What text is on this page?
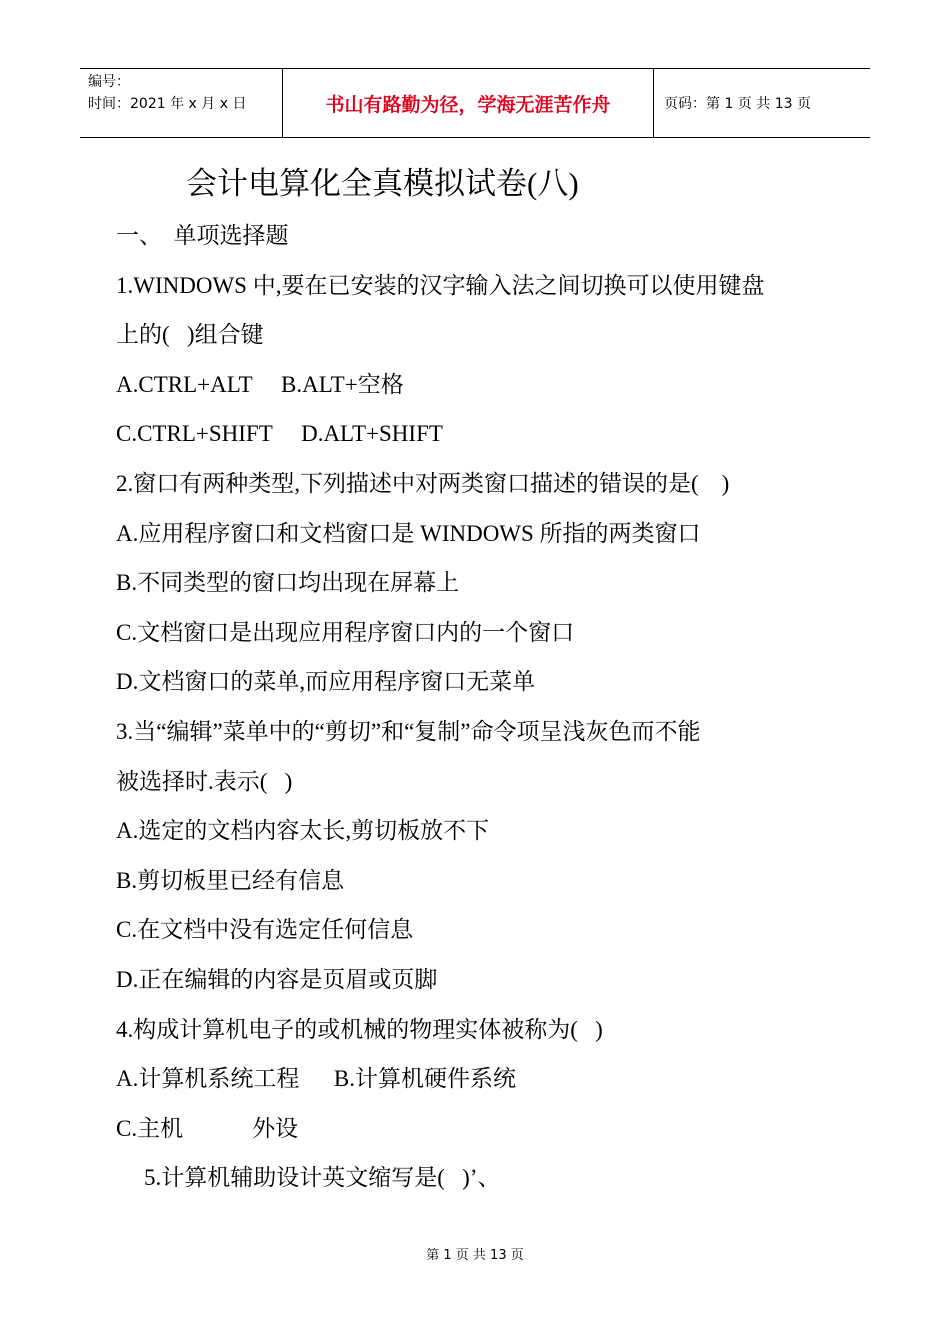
编号：
时间：2021 年 x 月 x 日	书山有路勤为径，学海无涯苦作舟	页码：第 1 页 共 13 页
会计电算化全真模拟试卷(八)
一、  单项选择题
1.WINDOWS 中,要在已安装的汉字输入法之间切换可以使用键盘
上的(   )组合键
A.CTRL+ALT     B.ALT+空格
C.CTRL+SHIFT     D.ALT+SHIFT
2.窗口有两种类型,下列描述中对两类窗口描述的错误的是(    )
A.应用程序窗口和文档窗口是 WINDOWS 所指的两类窗口
B.不同类型的窗口均出现在屏幕上
C.文档窗口是出现应用程序窗口内的一个窗口
D.文档窗口的菜单,而应用程序窗口无菜单
3.当“编辑”菜单中的“剪切”和“复制”命令项呈浅灰色而不能
被选择时.表示(   )
A.选定的文档内容太长,剪切板放不下
B.剪切板里已经有信息
C.在文档中没有选定任何信息
D.正在编辑的内容是页眉或页脚
4.构成计算机电子的或机械的物理实体被称为(   )
A.计算机系统工程      B.计算机硬件系统
C.主机            外设
5.计算机辅助设计英文缩写是(   )’、
第 1 页 共 13 页
